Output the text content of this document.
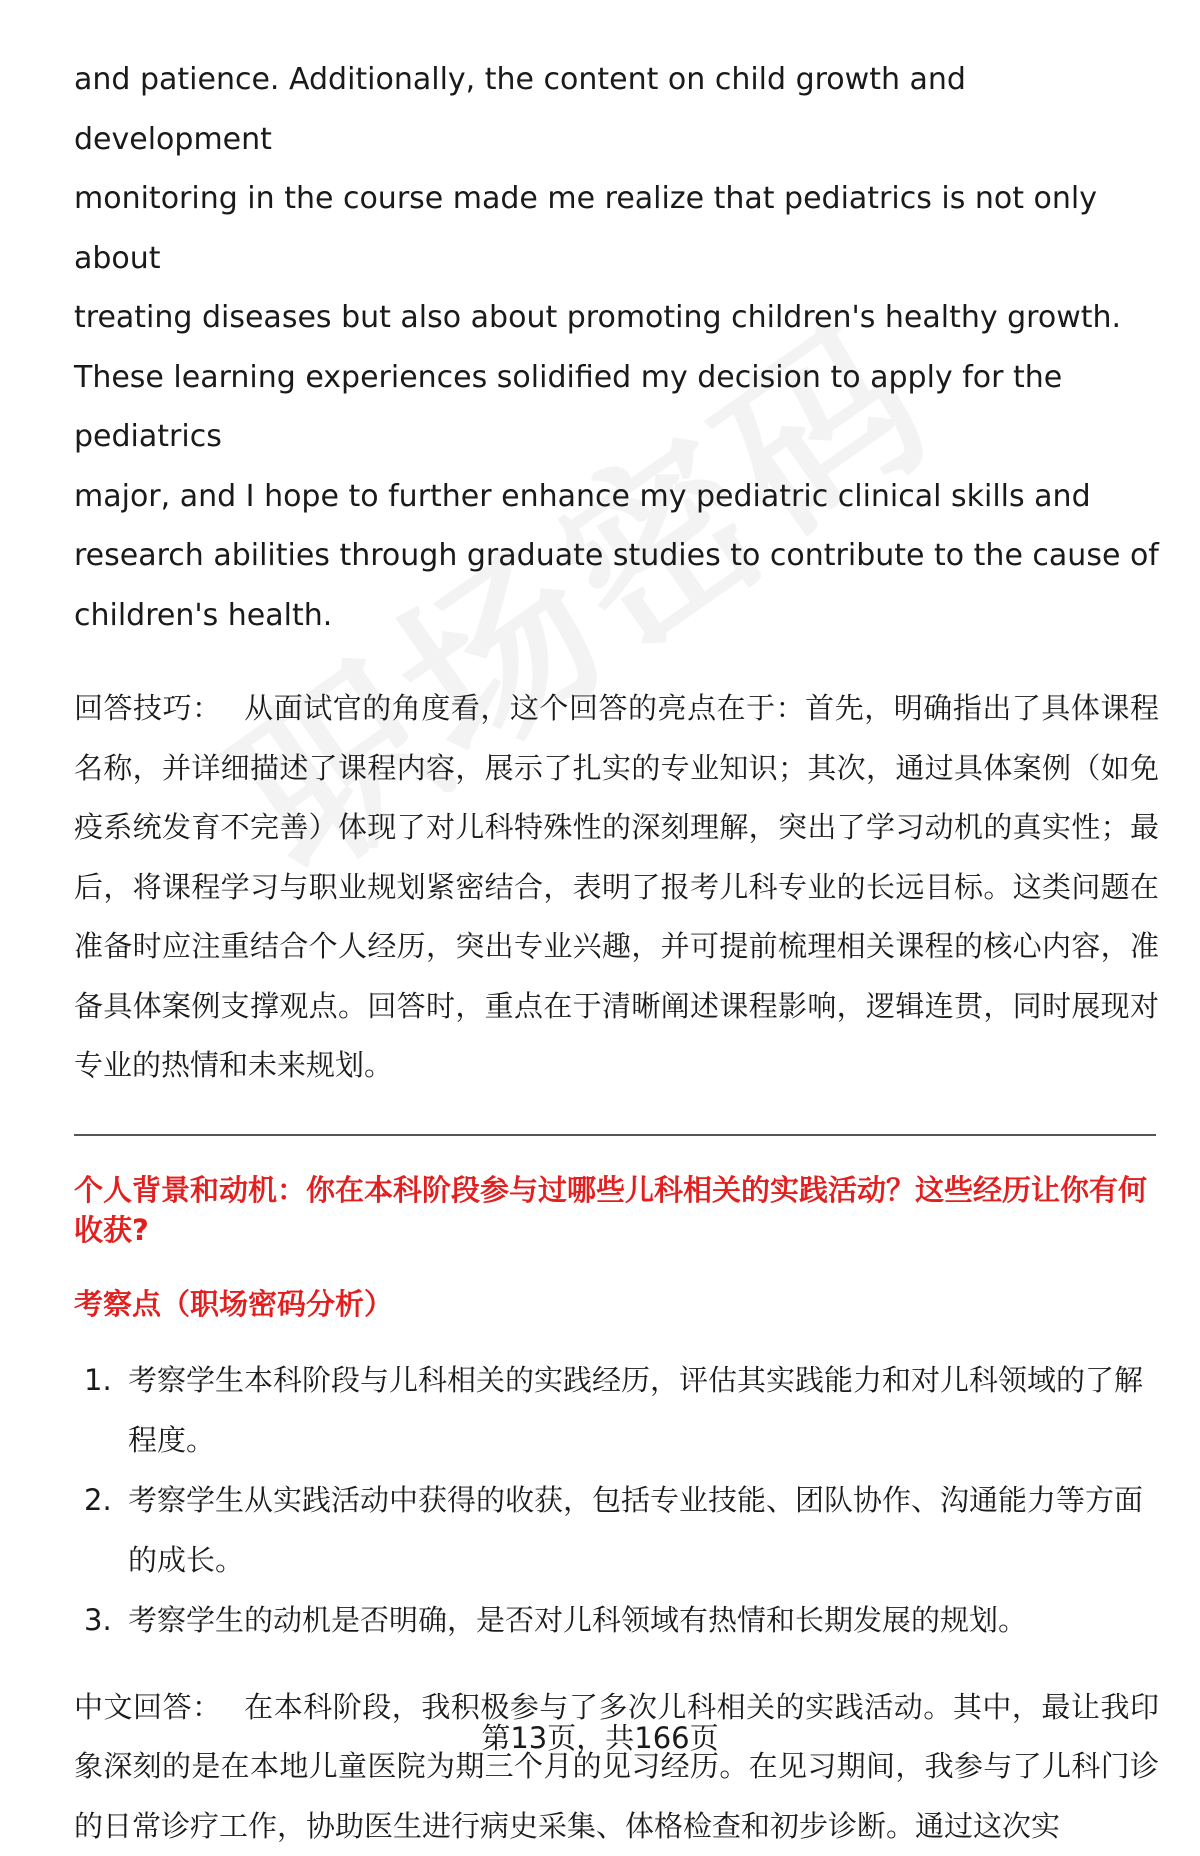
and patience. Additionally, the content on child growth and development
monitoring in the course made me realize that pediatrics is not only about
treating diseases but also about promoting children's healthy growth.
These learning experiences solidified my decision to apply for the pediatrics
major, and I hope to further enhance my pediatric clinical skills and
research abilities through graduate studies to contribute to the cause of
children's health.

回答技巧： 从面试官的角度看，这个回答的亮点在于：首先，明确指出了具体课程名称，并详细描述了课程内容，展示了扎实的专业知识；其次，通过具体案例（如免疫系统发育不完善）体现了对儿科特殊性的深刻理解，突出了学习动机的真实性；最后，将课程学习与职业规划紧密结合，表明了报考儿科专业的长远目标。这类问题在准备时应注重结合个人经历，突出专业兴趣，并可提前梳理相关课程的核心内容，准备具体案例支撑观点。回答时，重点在于清晰阐述课程影响，逻辑连贯，同时展现对专业的热情和未来规划。

个人背景和动机：你在本科阶段参与过哪些儿科相关的实践活动？这些经历让你有何收获?

考察点（职场密码分析）

1. 考察学生本科阶段与儿科相关的实践经历，评估其实践能力和对儿科领域的了解程度。
2. 考察学生从实践活动中获得的收获，包括专业技能、团队协作、沟通能力等方面的成长。
3. 考察学生的动机是否明确，是否对儿科领域有热情和长期发展的规划。

中文回答： 在本科阶段，我积极参与了多次儿科相关的实践活动。其中，最让我印象深刻的是在本地儿童医院为期三个月的见习经历。在见习期间，我参与了儿科门诊的日常诊疗工作，协助医生进行病史采集、体格检查和初步诊断。通过这次实

第13页，共166页
